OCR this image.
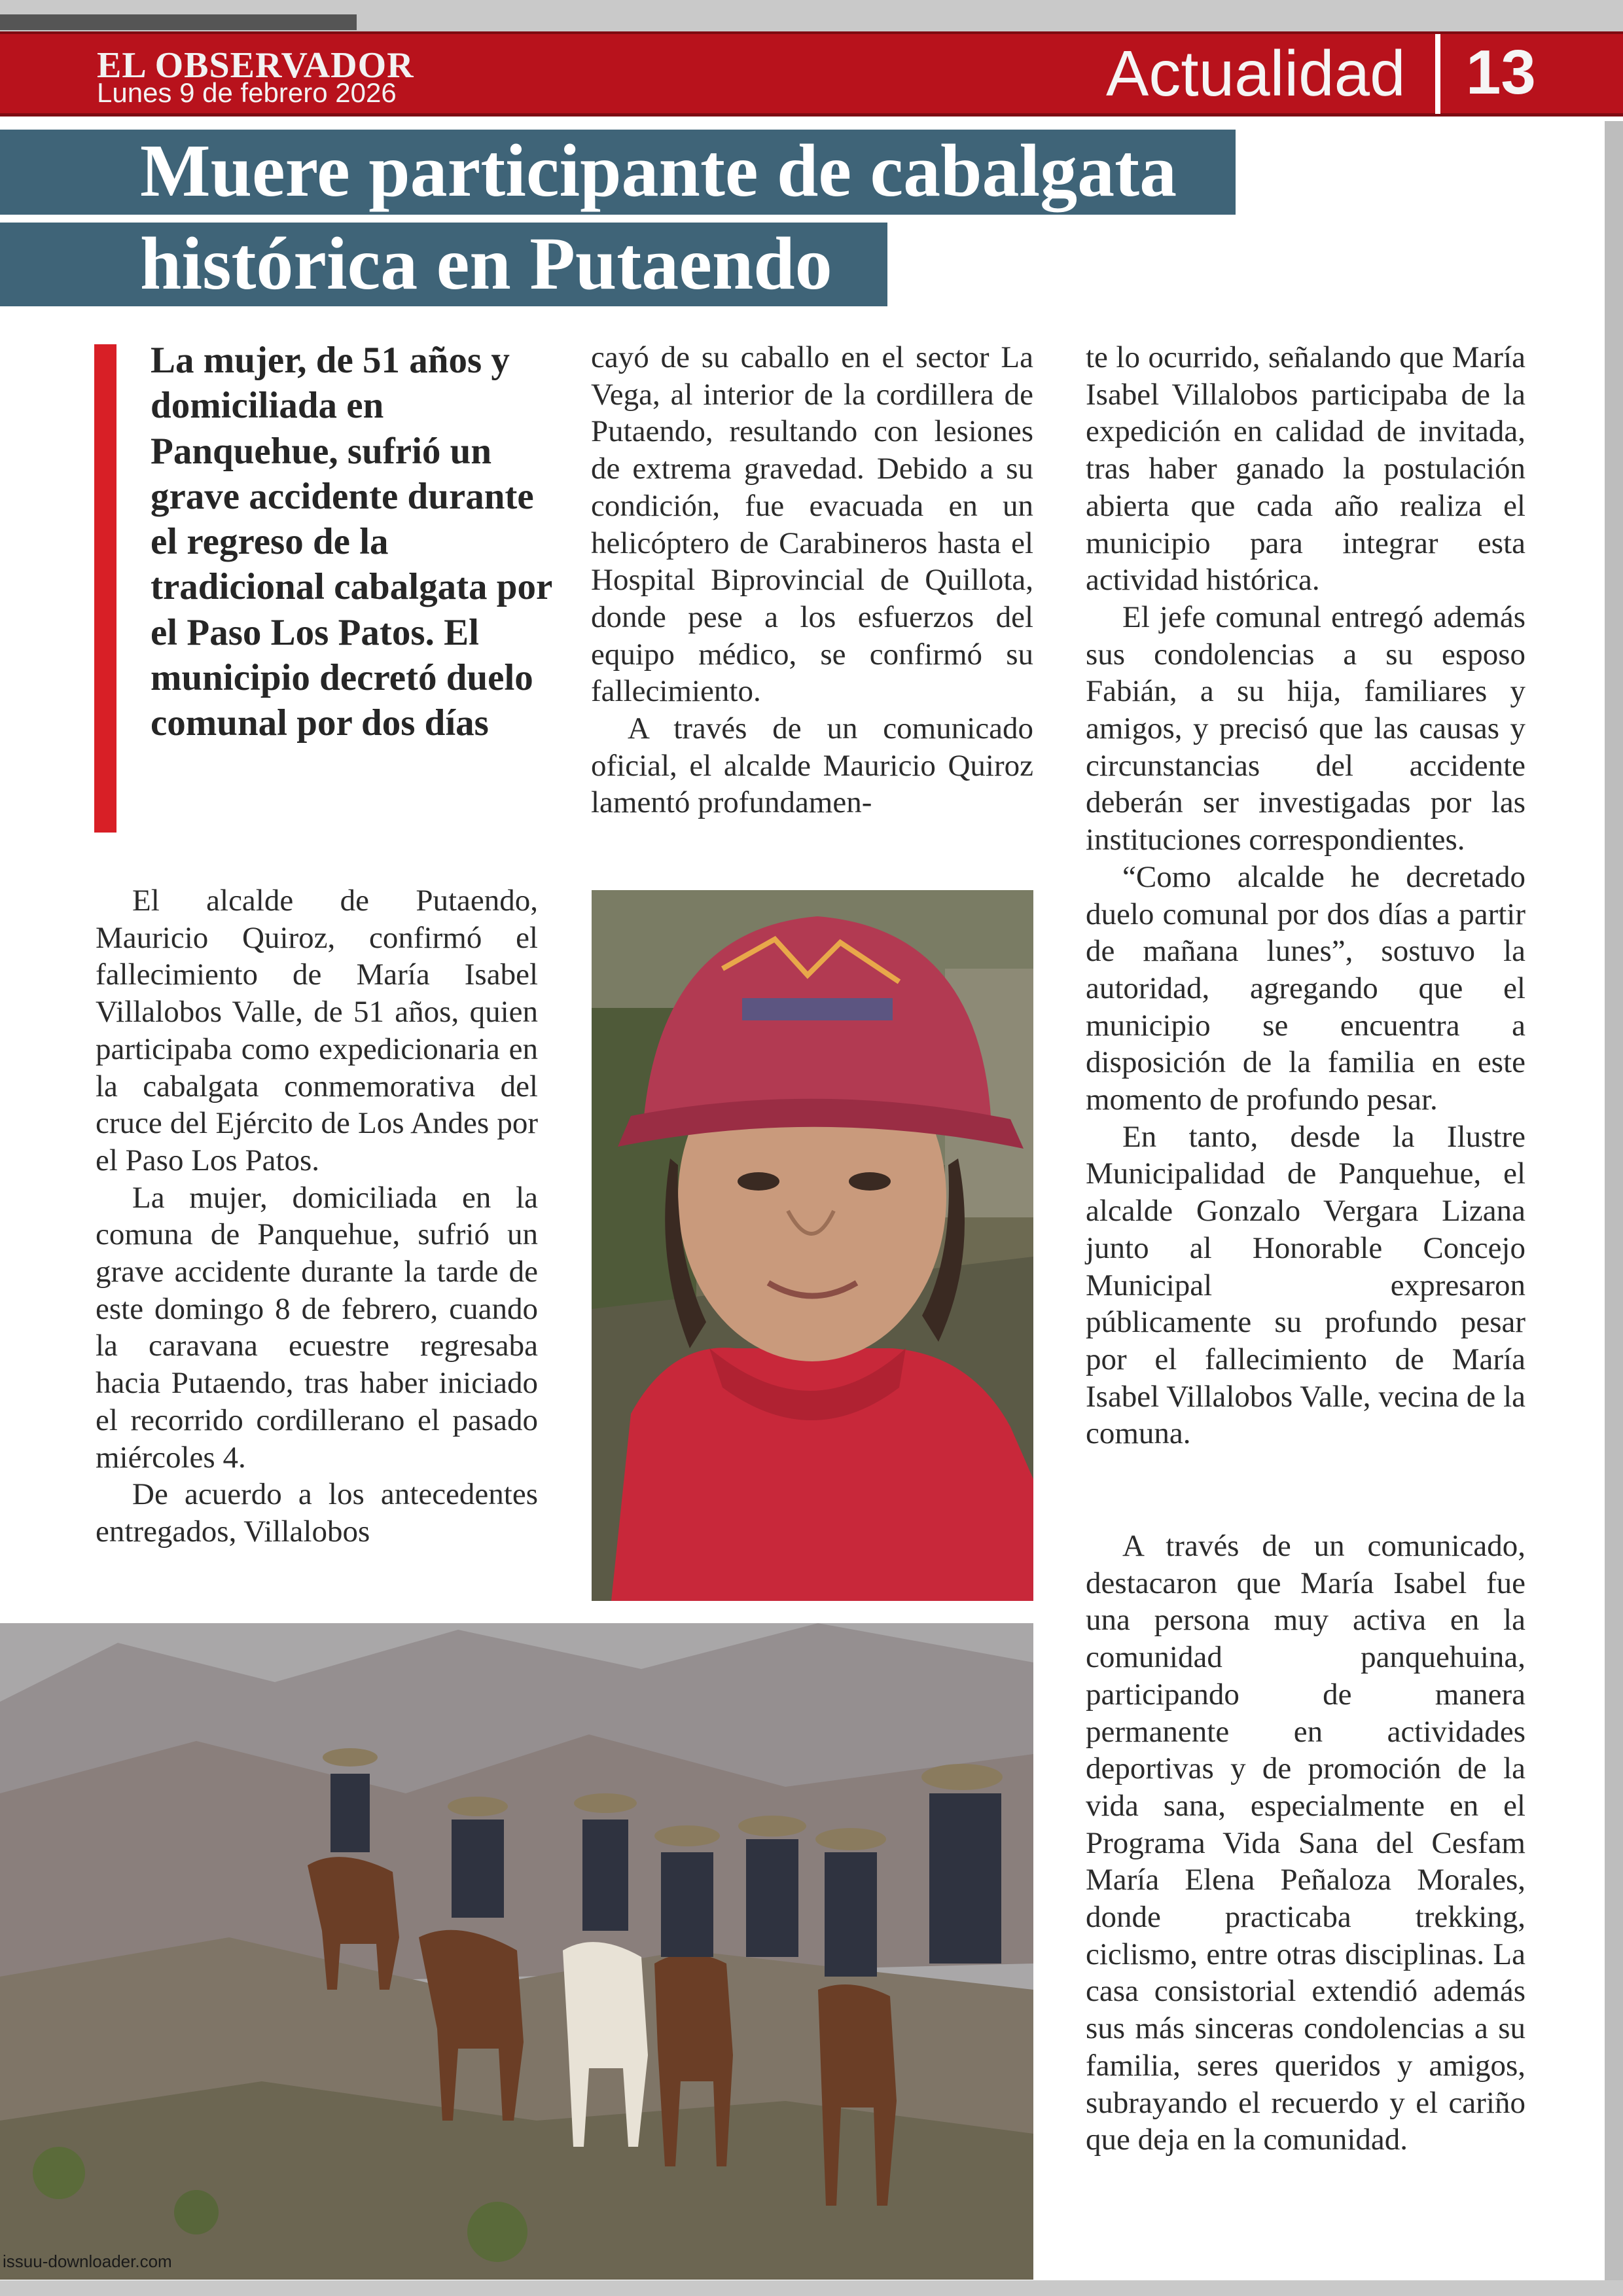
EL OBSERVADOR
Lunes 9 de febrero 2026	Actualidad 13
Muere participante de cabalgata
histórica en Putaendo
La mujer, de 51 años y domiciliada en Panquehue, sufrió un grave accidente durante el regreso de la tradicional cabalgata por el Paso Los Patos. El municipio decretó duelo comunal por dos días

El alcalde de Putaendo, Mauricio Quiroz, confirmó el fallecimiento de María Isabel Villalobos Valle, de 51 años, quien participaba como expedicionaria en la cabalgata conmemorativa del cruce del Ejército de Los Andes por el Paso Los Patos.

La mujer, domiciliada en la comuna de Panquehue, sufrió un grave accidente durante la tarde de este domingo 8 de febrero, cuando la caravana ecuestre regresaba hacia Putaendo, tras haber iniciado el recorrido cordillerano el pasado miércoles 4.

De acuerdo a los antecedentes entregados, Villalobos

cayó de su caballo en el sector La Vega, al interior de la cordillera de Putaendo, resultando con lesiones de extrema gravedad. Debido a su condición, fue evacuada en un helicóptero de Carabineros hasta el Hospital Biprovincial de Quillota, donde pese a los esfuerzos del equipo médico, se confirmó su fallecimiento.

A través de un comunicado oficial, el alcalde Mauricio Quiroz lamentó profundamen-

te lo ocurrido, señalando que María Isabel Villalobos participaba de la expedición en calidad de invitada, tras haber ganado la postulación abierta que cada año realiza el municipio para integrar esta actividad histórica.

El jefe comunal entregó además sus condolencias a su esposo Fabián, a su hija, familiares y amigos, y precisó que las causas y circunstancias del accidente deberán ser investigadas por las instituciones correspondientes.

“Como alcalde he decretado duelo comunal por dos días a partir de mañana lunes”, sostuvo la autoridad, agregando que el municipio se encuentra a disposición de la familia en este momento de profundo pesar.

En tanto, desde la Ilustre Municipalidad de Panquehue, el alcalde Gonzalo Vergara Lizana junto al Honorable Concejo Municipal expresaron públicamente su profundo pesar por el fallecimiento de María Isabel Villalobos Valle, vecina de la comuna.

A través de un comunicado, destacaron que María Isabel fue una persona muy activa en la comunidad panquehuina, participando de manera permanente en actividades deportivas y de promoción de la vida sana, especialmente en el Programa Vida Sana del Cesfam María Elena Peñaloza Morales, donde practicaba trekking, ciclismo, entre otras disciplinas. La casa consistorial extendió además sus más sinceras condolencias a su familia, seres queridos y amigos, subrayando el recuerdo y el cariño que deja en la comunidad.

issuu-downloader.com
